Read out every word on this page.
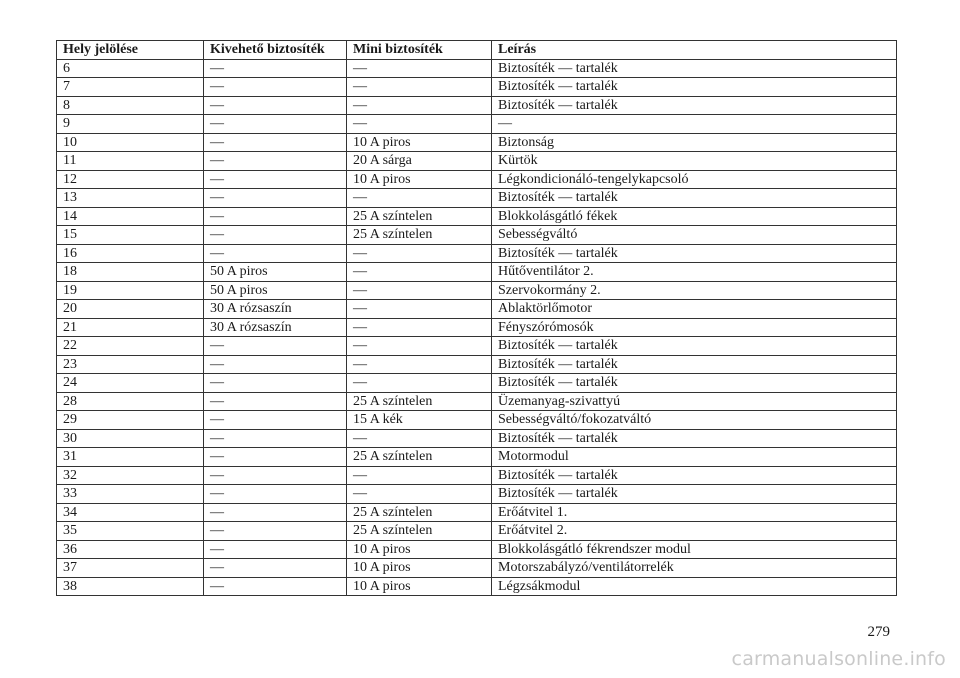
Hely jelölése	Kivehető biztosíték	Mini biztosíték	Leírás
6	—	—	Biztosíték — tartalék
7	—	—	Biztosíték — tartalék
8	—	—	Biztosíték — tartalék
9	—	—	—
10	—	10 A piros	Biztonság
11	—	20 A sárga	Kürtök
12	—	10 A piros	Légkondicionáló-tengelykapcsoló
13	—	—	Biztosíték — tartalék
14	—	25 A színtelen	Blokkolásgátló fékek
15	—	25 A színtelen	Sebességváltó
16	—	—	Biztosíték — tartalék
18	50 A piros	—	Hűtőventilátor 2.
19	50 A piros	—	Szervokormány 2.
20	30 A rózsaszín	—	Ablaktörlőmotor
21	30 A rózsaszín	—	Fényszórómosók
22	—	—	Biztosíték — tartalék
23	—	—	Biztosíték — tartalék
24	—	—	Biztosíték — tartalék
28	—	25 A színtelen	Üzemanyag-szivattyú
29	—	15 A kék	Sebességváltó/fokozatváltó
30	—	—	Biztosíték — tartalék
31	—	25 A színtelen	Motormodul
32	—	—	Biztosíték — tartalék
33	—	—	Biztosíték — tartalék
34	—	25 A színtelen	Erőátvitel 1.
35	—	25 A színtelen	Erőátvitel 2.
36	—	10 A piros	Blokkolásgátló fékrendszer modul
37	—	10 A piros	Motorszabályzó/ventilátorrelék
38	—	10 A piros	Légzsákmodul
279
carmanualsonline.info
